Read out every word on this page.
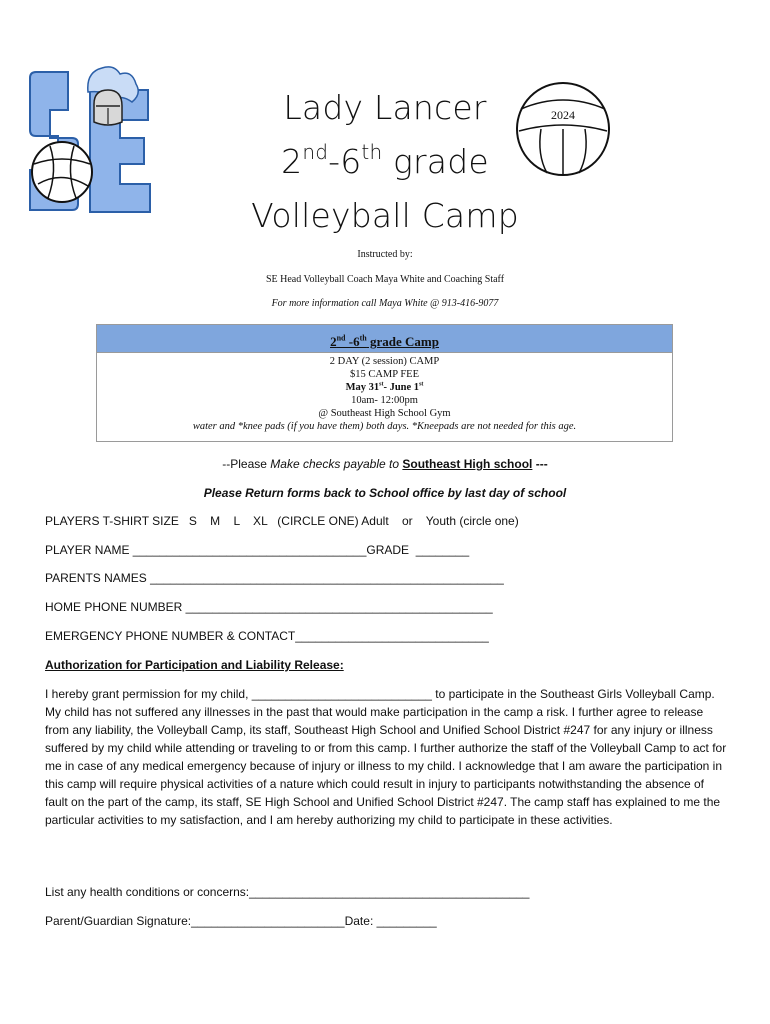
2024
Lady Lancer
2nd-6th grade
Volleyball Camp
Instructed by:
SE Head Volleyball Coach Maya White and Coaching Staff
For more information call Maya White @ 913-416-9077
2nd -6th grade Camp
2 DAY (2 session) CAMP
$15 CAMP FEE
May 31st- June 1st
10am- 12:00pm
@ Southeast High School Gym
water and *knee pads (if you have them) both days. *Kneepads are not needed for this age.
--Please Make checks payable to Southeast High school ---
Please Return forms back to School office by last day of school
PLAYERS T-SHIRT SIZE   S    M    L    XL   (CIRCLE ONE) Adult    or    Youth (circle one)
PLAYER NAME ___________________________________GRADE  ________
PARENTS NAMES _____________________________________________________
HOME PHONE NUMBER ______________________________________________
EMERGENCY PHONE NUMBER & CONTACT_____________________________
Authorization for Participation and Liability Release:
I hereby grant permission for my child, ___________________________ to participate in the Southeast Girls Volleyball Camp. My child has not suffered any illnesses in the past that would make participation in the camp a risk. I further agree to release from any liability, the Volleyball Camp, its staff, Southeast High School and Unified School District #247 for any injury or illness suffered by my child while attending or traveling to or from this camp. I further authorize the staff of the Volleyball Camp to act for me in case of any medical emergency because of injury or illness to my child. I acknowledge that I am aware the participation in this camp will require physical activities of a nature which could result in injury to participants notwithstanding the absence of fault on the part of the camp, its staff, SE High School and Unified School District #247. The camp staff has explained to me the particular activities to my satisfaction, and I am hereby authorizing my child to participate in these activities.
List any health conditions or concerns:__________________________________________
Parent/Guardian Signature:_______________________Date: _________
